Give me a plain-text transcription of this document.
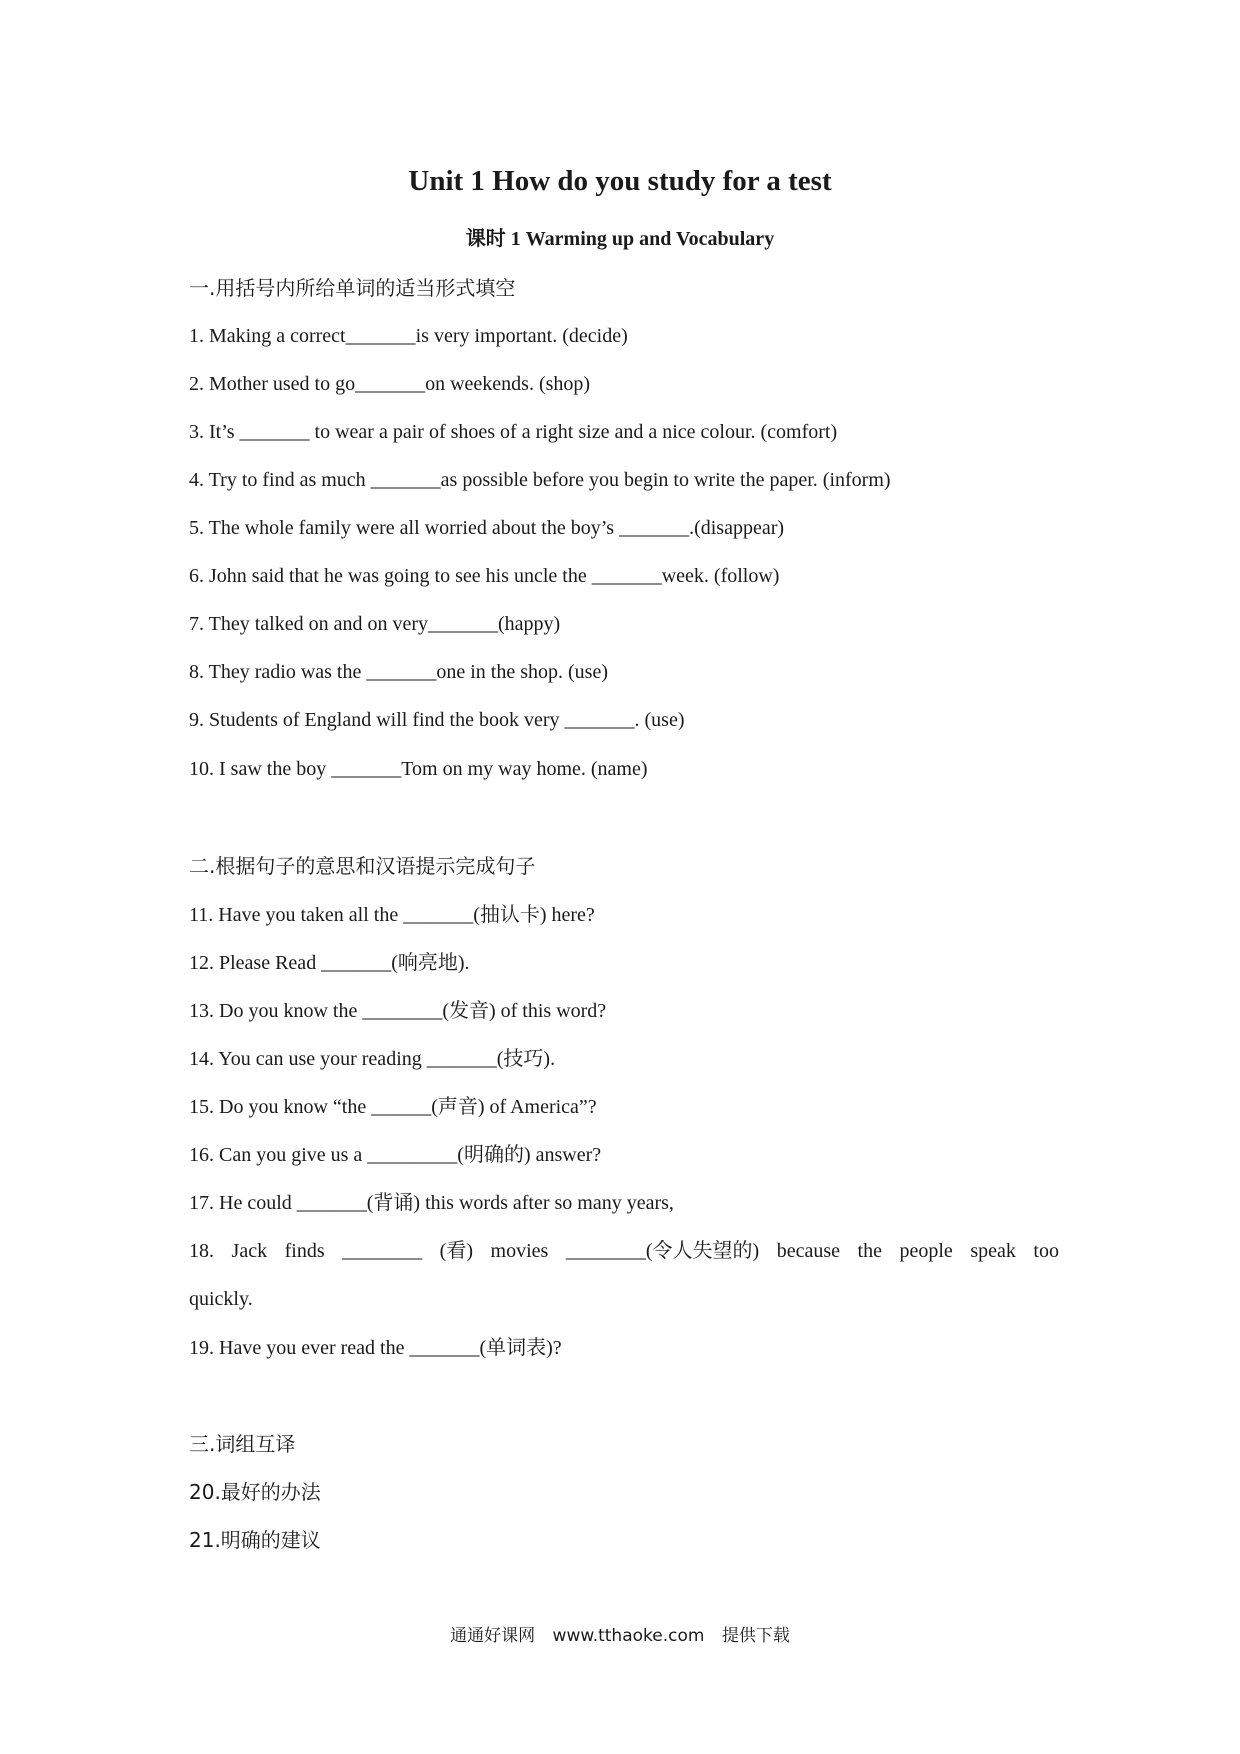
Unit 1 How do you study for a test
课时 1 Warming up and Vocabulary
一.用括号内所给单词的适当形式填空
1. Making a correct_______is very important. (decide)
2. Mother used to go_______on weekends. (shop)
3. It’s _______ to wear a pair of shoes of a right size and a nice colour. (comfort)
4. Try to find as much _______as possible before you begin to write the paper. (inform)
5. The whole family were all worried about the boy’s _______.(disappear)
6. John said that he was going to see his uncle the _______week. (follow)
7. They talked on and on very_______(happy)
8. They radio was the _______one in the shop. (use)
9. Students of England will find the book very _______. (use)
10. I saw the boy _______Tom on my way home. (name)
二.根据句子的意思和汉语提示完成句子
11. Have you taken all the _______(抽认卡) here?
12. Please Read _______(响亮地).
13. Do you know the ________(发音) of this word?
14. You can use your reading _______(技巧).
15. Do you know “the ______(声音) of America”?
16. Can you give us a _________(明确的) answer?
17. He could _______(背诵) this words after so many years,
18. Jack finds ________ (看) movies ________(令人失望的) because the people speak too
quickly.
19. Have you ever read the _______(单词表)?
三.词组互译
20.最好的办法
21.明确的建议
通通好课网 www.tthaoke.com 提供下载
